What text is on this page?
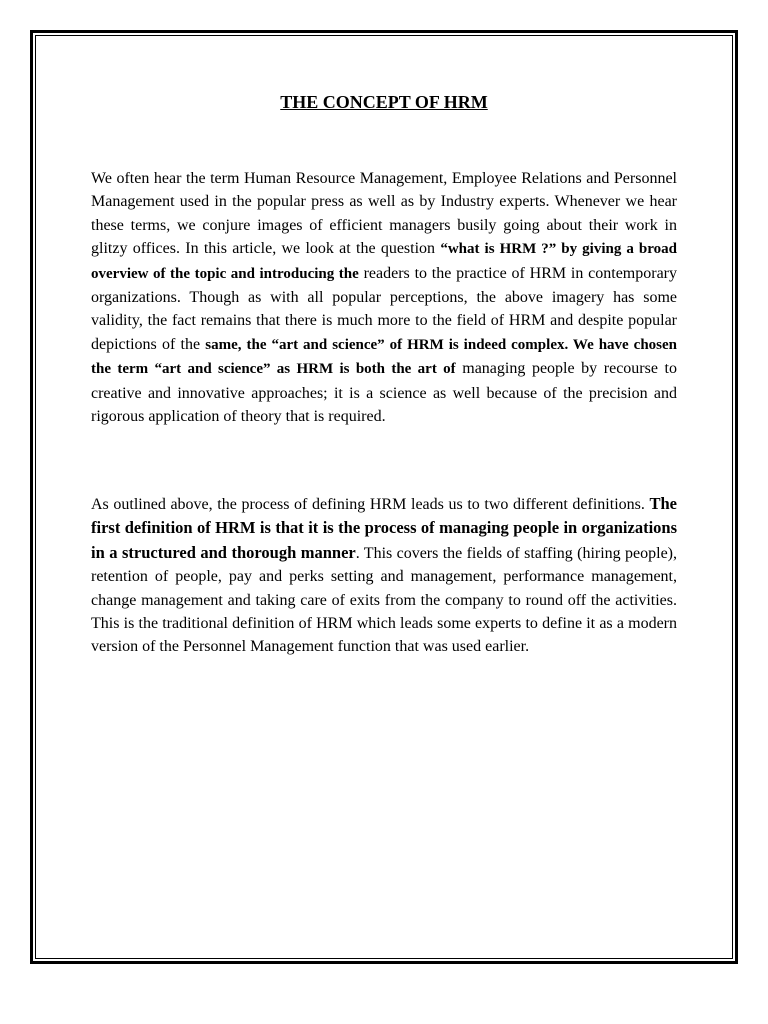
THE CONCEPT OF HRM

We often hear the term Human Resource Management, Employee Relations and Personnel Management used in the popular press as well as by Industry experts. Whenever we hear these terms, we conjure images of efficient managers busily going about their work in glitzy offices. In this article, we look at the question “what is HRM ?” by giving a broad overview of the topic and introducing the readers to the practice of HRM in contemporary organizations. Though as with all popular perceptions, the above imagery has some validity, the fact remains that there is much more to the field of HRM and despite popular depictions of the same, the “art and science” of HRM is indeed complex. We have chosen the term “art and science” as HRM is both the art of managing people by recourse to creative and innovative approaches; it is a science as well because of the precision and rigorous application of theory that is required.

As outlined above, the process of defining HRM leads us to two different definitions. The first definition of HRM is that it is the process of managing people in organizations in a structured and thorough manner. This covers the fields of staffing (hiring people), retention of people, pay and perks setting and management, performance management, change management and taking care of exits from the company to round off the activities. This is the traditional definition of HRM which leads some experts to define it as a modern version of the Personnel Management function that was used earlier.
